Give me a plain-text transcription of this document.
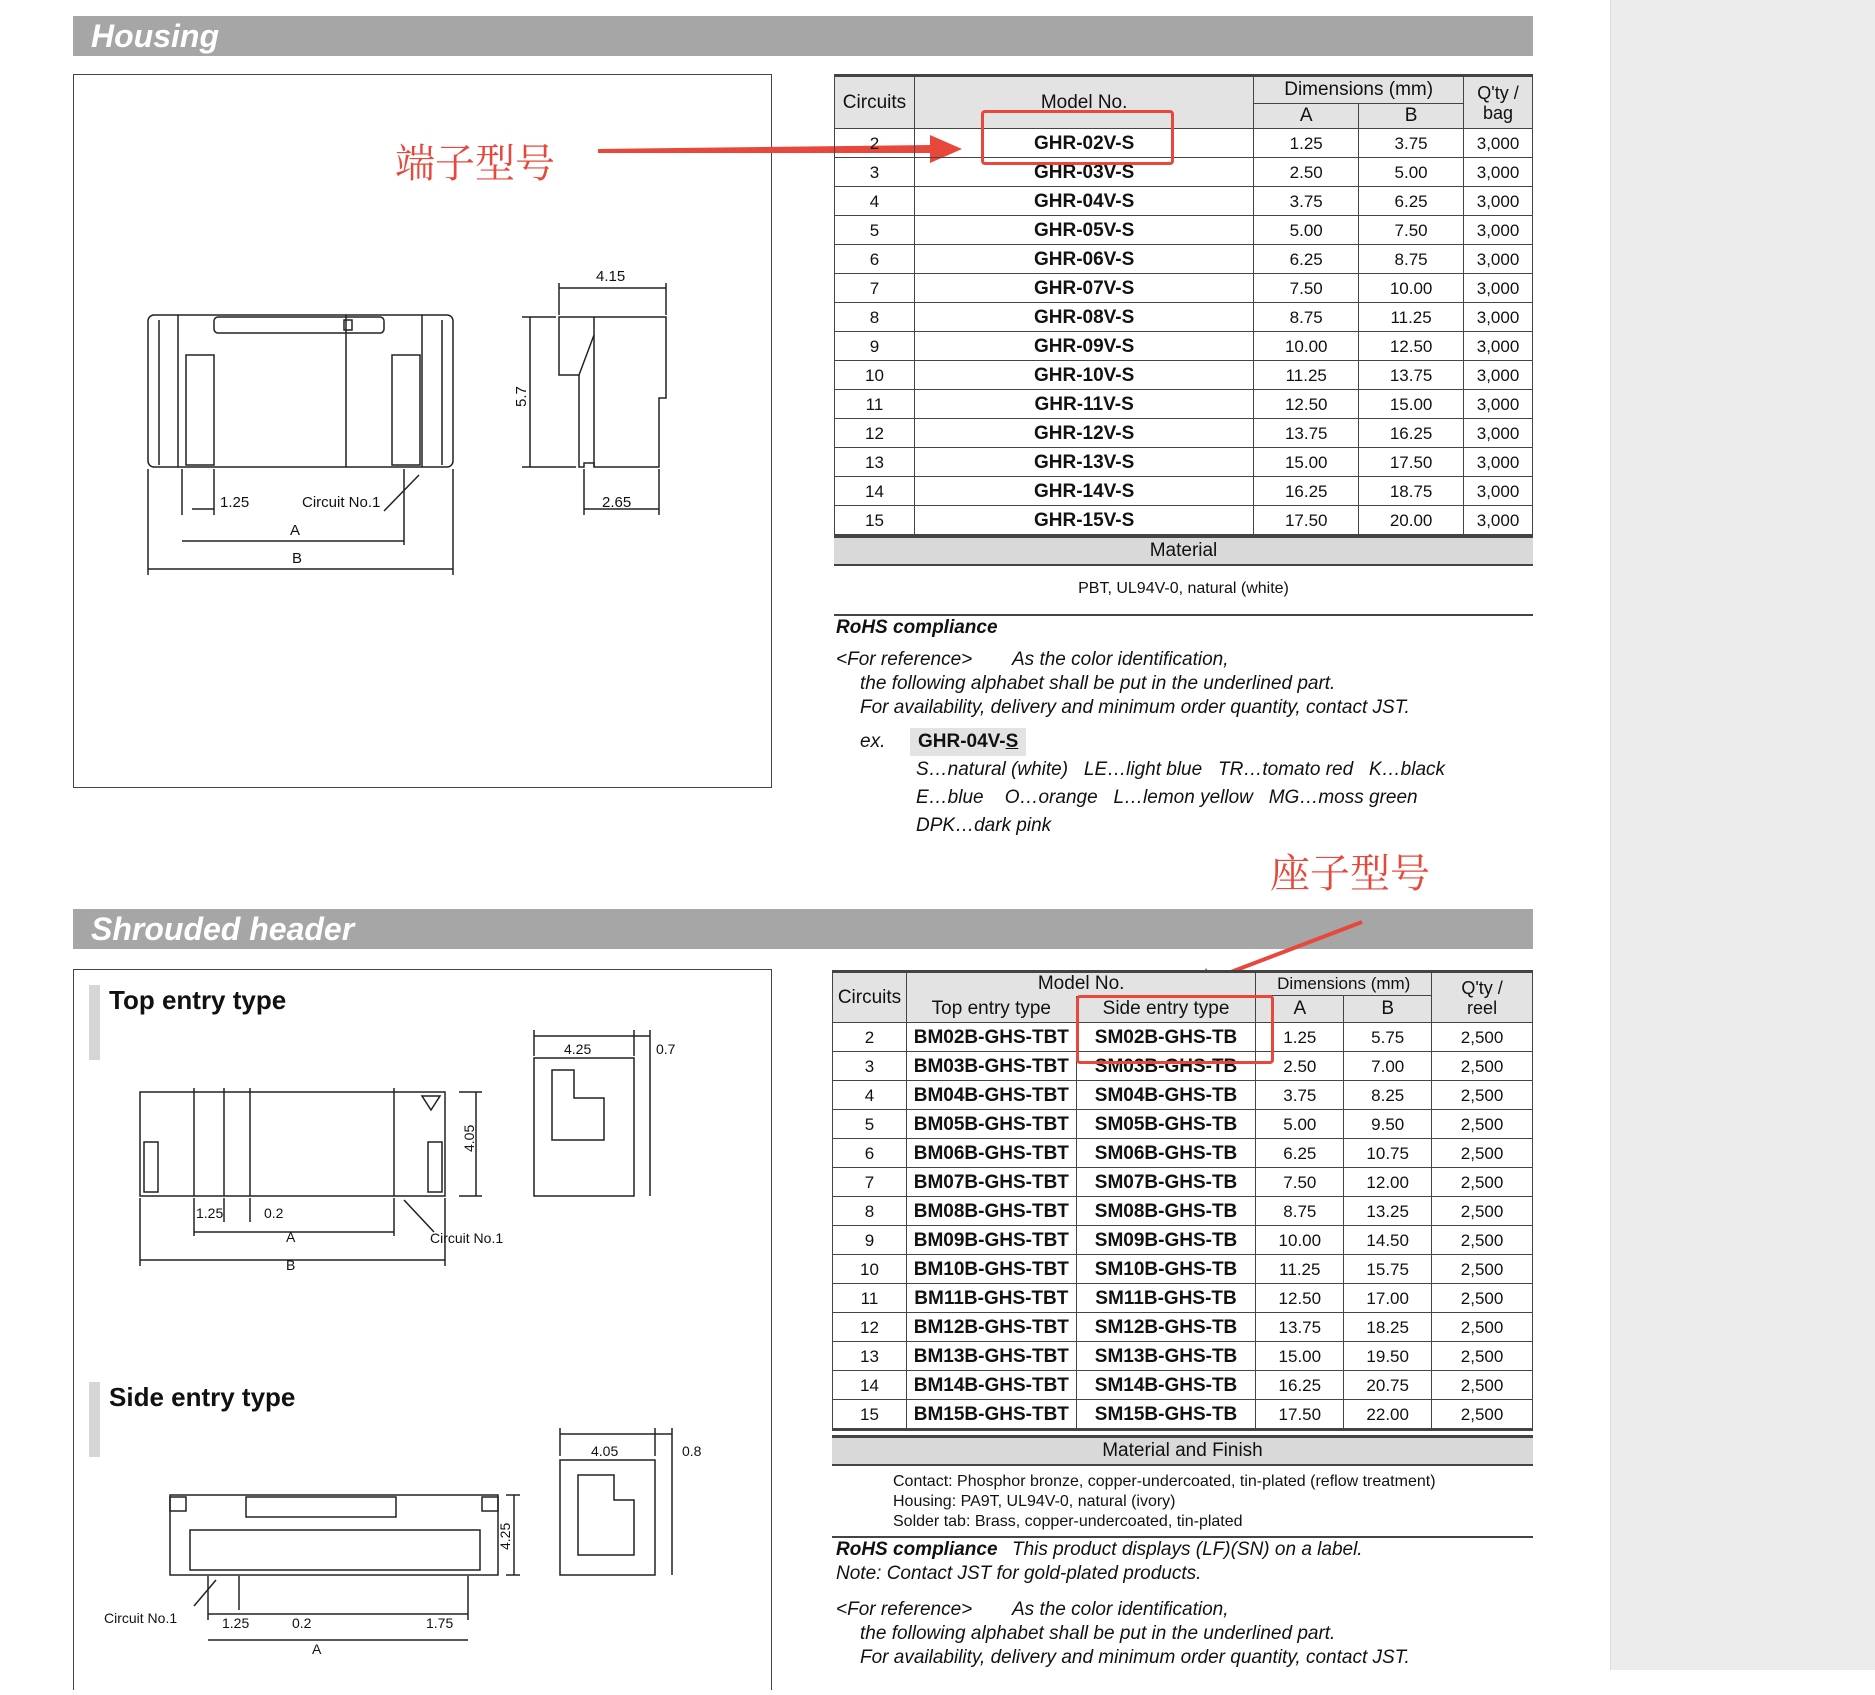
Housing
1.25	Circuit No.1
A
B
4.15
5.7
2.65
端子型号
Circuits	Model No.	Dimensions (mm)		Q'ty /
bag
		A	B	
2	GHR-02V-S	1.25	3.75	3,000
3	GHR-03V-S	2.50	5.00	3,000
4	GHR-04V-S	3.75	6.25	3,000
5	GHR-05V-S	5.00	7.50	3,000
6	GHR-06V-S	6.25	8.75	3,000
7	GHR-07V-S	7.50	10.00	3,000
8	GHR-08V-S	8.75	11.25	3,000
9	GHR-09V-S	10.00	12.50	3,000
10	GHR-10V-S	11.25	13.75	3,000
11	GHR-11V-S	12.50	15.00	3,000
12	GHR-12V-S	13.75	16.25	3,000
13	GHR-13V-S	15.00	17.50	3,000
14	GHR-14V-S	16.25	18.75	3,000
15	GHR-15V-S	17.50	20.00	3,000
Material
PBT, UL94V-0, natural (white)
RoHS compliance
<For reference> As the color identification,
the following alphabet shall be put in the underlined part.
For availability, delivery and minimum order quantity, contact JST.
ex.	GHR-04V-S
S…natural (white)   LE…light blue   TR…tomato red   K…black
E…blue    O…orange   L…lemon yellow   MG…moss green
DPK…dark pink
座子型号
Shrouded header
4.25	0.7
4.05
1.25	0.2
A
B
Circuit No.1
4.05	0.8
4.25
Circuit No.1	1.25	0.2	1.75
A
Top entry type
Side entry type
Circuits	Model No.		Dimensions (mm)		Q'ty /
reel
	Top entry type	Side entry type	A	B	
2	BM02B-GHS-TBT	SM02B-GHS-TB	1.25	5.75	2,500
3	BM03B-GHS-TBT	SM03B-GHS-TB	2.50	7.00	2,500
4	BM04B-GHS-TBT	SM04B-GHS-TB	3.75	8.25	2,500
5	BM05B-GHS-TBT	SM05B-GHS-TB	5.00	9.50	2,500
6	BM06B-GHS-TBT	SM06B-GHS-TB	6.25	10.75	2,500
7	BM07B-GHS-TBT	SM07B-GHS-TB	7.50	12.00	2,500
8	BM08B-GHS-TBT	SM08B-GHS-TB	8.75	13.25	2,500
9	BM09B-GHS-TBT	SM09B-GHS-TB	10.00	14.50	2,500
10	BM10B-GHS-TBT	SM10B-GHS-TB	11.25	15.75	2,500
11	BM11B-GHS-TBT	SM11B-GHS-TB	12.50	17.00	2,500
12	BM12B-GHS-TBT	SM12B-GHS-TB	13.75	18.25	2,500
13	BM13B-GHS-TBT	SM13B-GHS-TB	15.00	19.50	2,500
14	BM14B-GHS-TBT	SM14B-GHS-TB	16.25	20.75	2,500
15	BM15B-GHS-TBT	SM15B-GHS-TB	17.50	22.00	2,500
Material and Finish
Contact: Phosphor bronze, copper-undercoated, tin-plated (reflow treatment)
Housing: PA9T, UL94V-0, natural (ivory)
Solder tab: Brass, copper-undercoated, tin-plated
RoHS compliance This product displays (LF)(SN) on a label.
Note: Contact JST for gold-plated products.
<For reference> As the color identification,
the following alphabet shall be put in the underlined part.
For availability, delivery and minimum order quantity, contact JST.
